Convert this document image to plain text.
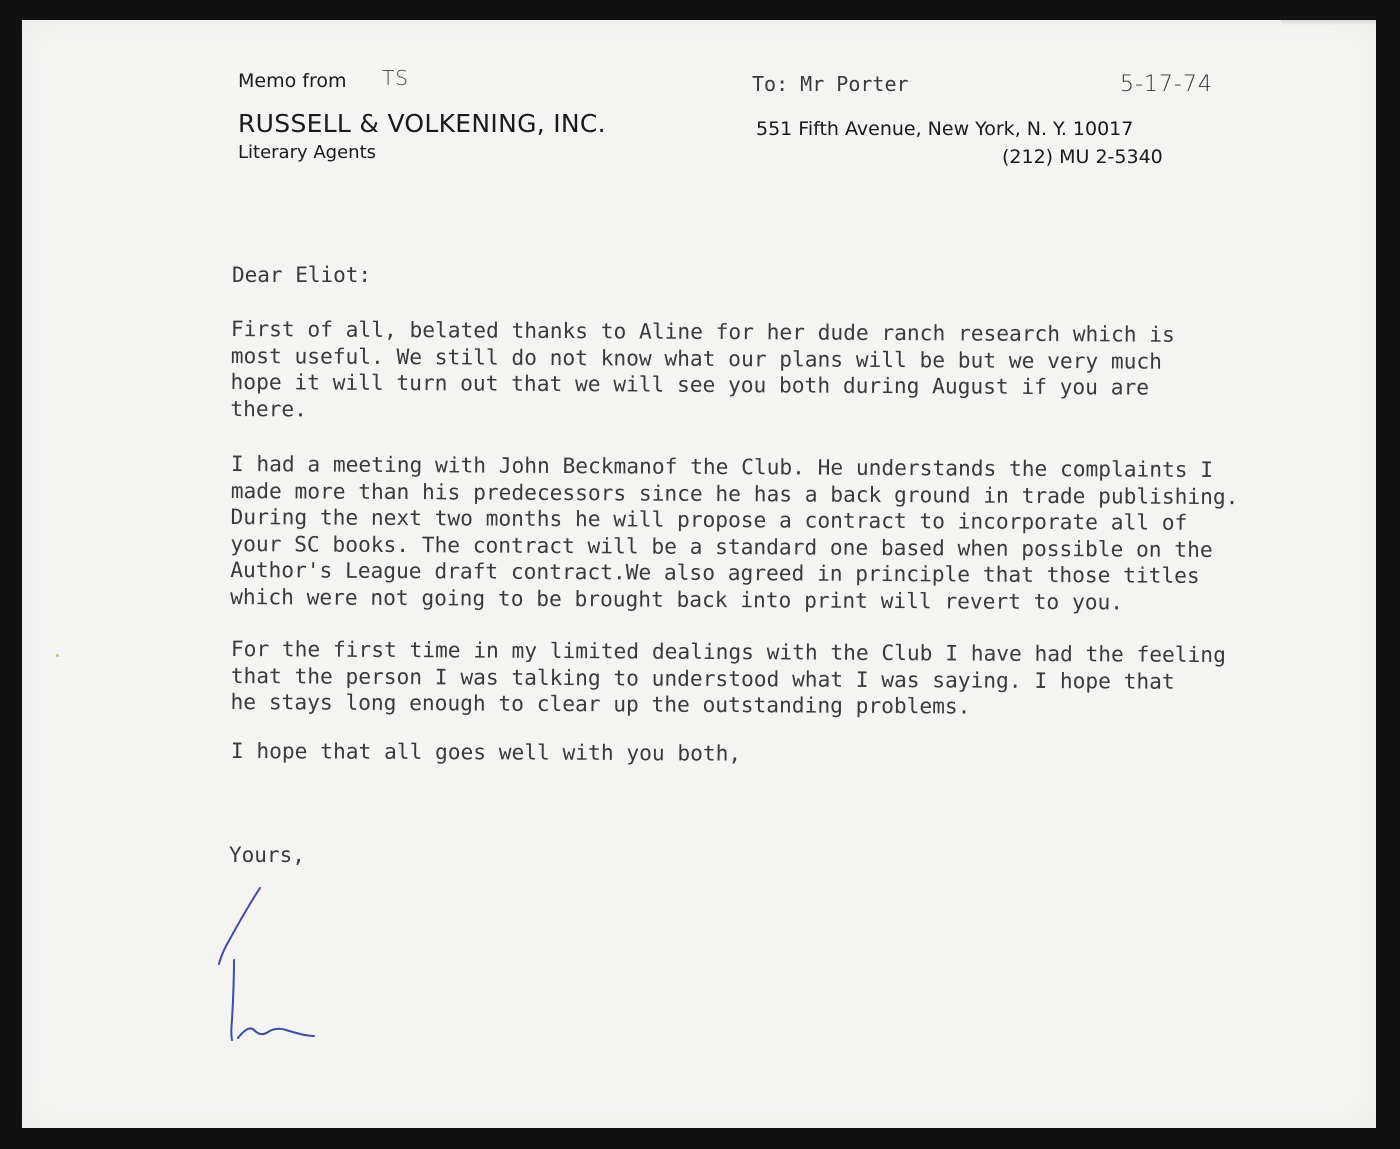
Memo from TS
RUSSELL & VOLKENING, INC.
Literary Agents
To: Mr Porter	5-17-74
551 Fifth Avenue, New York, N. Y. 10017
(212) MU 2-5340
Dear Eliot:
First of all, belated thanks to Aline for her dude ranch research which is
most useful. We still do not know what our plans will be but we very much
hope it will turn out that we will see you both during August if you are
there.
I had a meeting with John Beckmanof the Club. He understands the complaints I
made more than his predecessors since he has a back ground in trade publishing.
During the next two months he will propose a contract to incorporate all of
your SC books. The contract will be a standard one based when possible on the
Author's League draft contract.We also agreed in principle that those titles
which were not going to be brought back into print will revert to you.
For the first time in my limited dealings with the Club I have had the feeling
that the person I was talking to understood what I was saying. I hope that
he stays long enough to clear up the outstanding problems.
I hope that all goes well with you both,
Yours,
